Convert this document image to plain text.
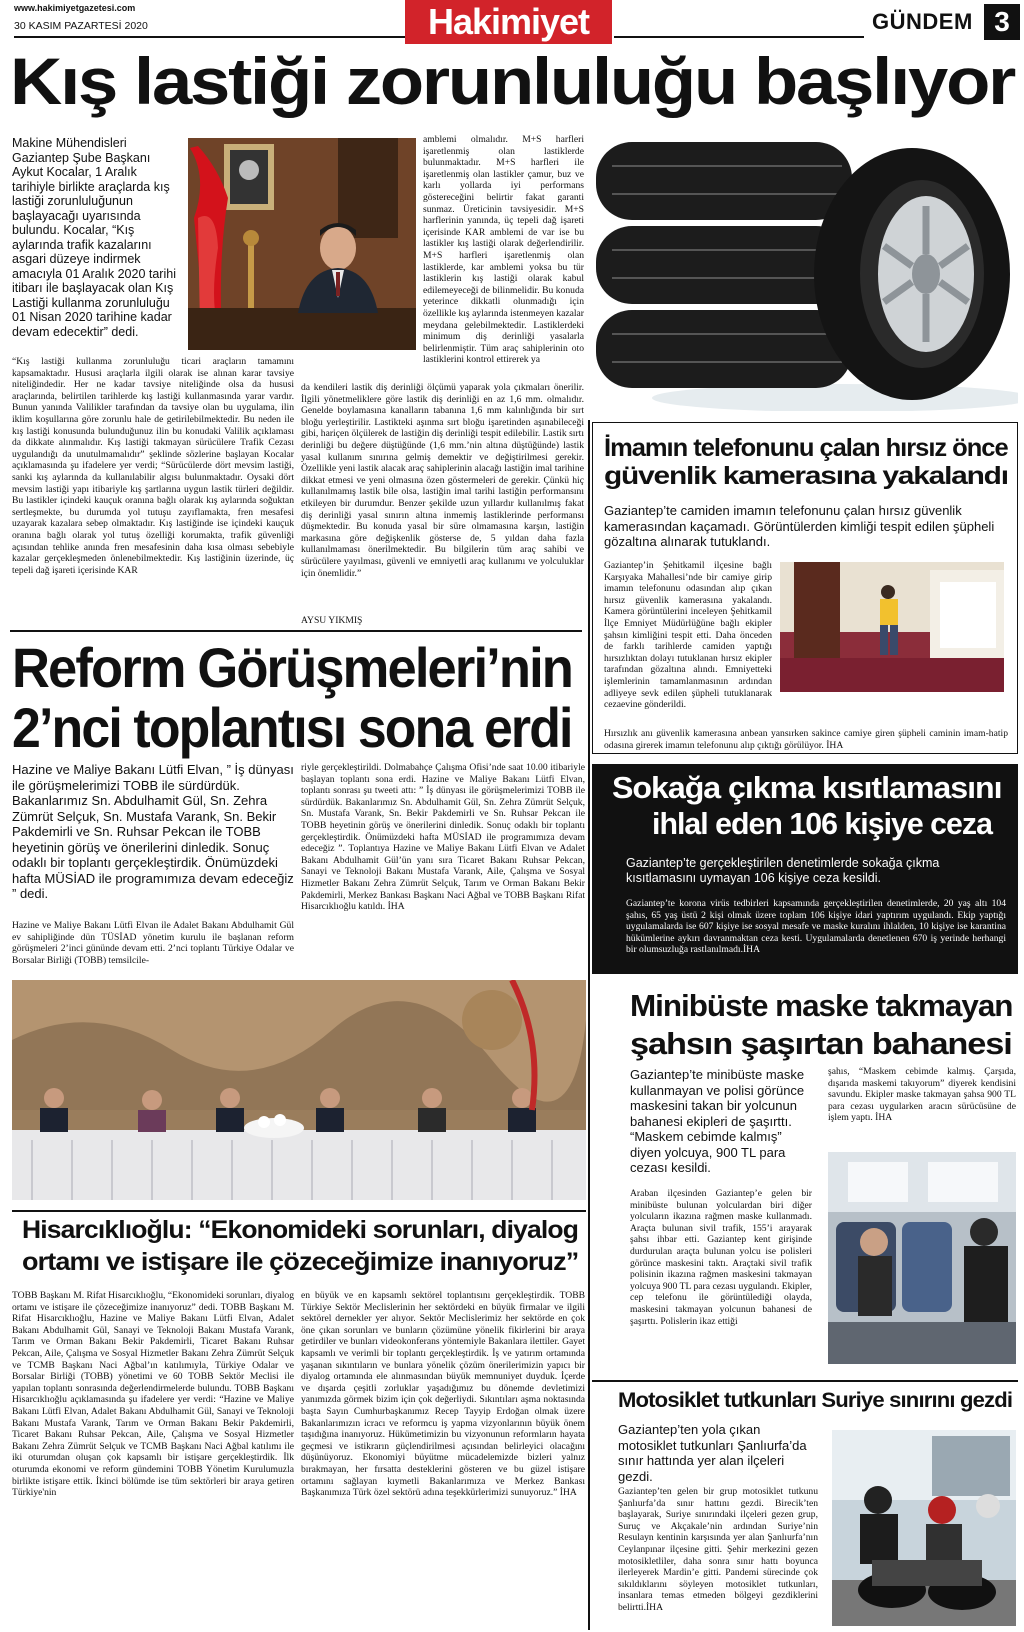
www.hakimiyetgazetesi.com
30 KASIM PAZARTESİ 2020	Hakimiyet	GÜNDEM 3
Kış lastiği zorunluluğu başlıyor
Makine Mühendisleri Gaziantep Şube Başkanı Aykut Kocalar, 1 Aralık tarihiyle birlikte araçlarda kış lastiği zorunluluğunun başlayacağı uyarısında bulundu. Kocalar, “Kış aylarında trafik kazalarını asgari düzeye indirmek amacıyla 01 Aralık 2020 tarihi itibarı ile başlayacak olan Kış Lastiği kullanma zorunluluğu 01 Nisan 2020 tarihine kadar devam edecektir” dedi.
“Kış lastiği kullanma zorunluluğu ticari araçların tamamını kapsamaktadır. Hususi araçlarla ilgili olarak ise alınan karar tavsiye niteliğindedir. Her ne kadar tavsiye niteliğinde olsa da hususi araçlarında, belirtilen tarihlerde kış lastiği kullanmasında yarar vardır. Bunun yanında Valilikler tarafından da tavsiye olan bu uygulama, ilin iklim koşullarına göre zorunlu hale de getirilebilmektedir. Bu neden ile kış lastiği konusunda bulunduğunuz ilin bu konudaki Valilik açıklaması da dikkate alınmalıdır. Kış lastiği takmayan sürücülere Trafik Cezası uygulandığı da unutulmamalıdır” şeklinde sözlerine başlayan Kocalar açıklamasında şu ifadelere yer verdi; “Sürücülerde dört mevsim lastiği, sanki kış aylarında da kullanılabilir algısı bulunmaktadır. Oysaki dört mevsim lastiği yapı itibariyle kış şartlarına uygun lastik türleri değildir. Bu lastikler içindeki kauçuk oranına bağlı olarak kış aylarında soğuktan sertleşmekte, bu durumda yol tutuşu zayıflamakta, fren mesafesi uzayarak kazalara sebep olmaktadır. Kış lastiğinde ise içindeki kauçuk oranına bağlı olarak yol tutuş özelliği korumakta, trafik güvenliği açısından tehlike anında fren mesafesinin daha kısa olması sebebiyle kazalar gerçekleşmeden önlenebilmektedir. Kış lastiğinin üzerinde, üç tepeli dağ işareti içerisinde KAR
amblemi olmalıdır. M+S harfleri işaretlenmiş olan lastiklerde bulunmaktadır. M+S harfleri ile işaretlenmiş olan lastikler çamur, buz ve karlı yollarda iyi performans göstereceğini belirtir fakat garanti sunmaz. Üreticinin tavsiyesidir. M+S harflerinin yanında, üç tepeli dağ işareti içerisinde KAR amblemi de var ise bu lastikler kış lastiği olarak değerlendirilir. M+S harfleri işaretlenmiş olan lastiklerde, kar amblemi yoksa bu tür lastiklerin kış lastiği olarak kabul edilemeyeceği de bilinmelidir. Bu konuda yeterince dikkatli olunmadığı için özellikle kış aylarında istenmeyen kazalar meydana gelebilmektedir. Lastiklerdeki minimum diş derinliği yasalarla belirlenmiştir. Tüm araç sahiplerinin oto lastiklerini kontrol ettirerek ya
da kendileri lastik diş derinliği ölçümü yaparak yola çıkmaları önerilir. İlgili yönetmeliklere göre lastik diş derinliği en az 1,6 mm. olmalıdır. Genelde boylamasına kanalların tabanına 1,6 mm kalınlığında bir sırt bloğu yerleştirilir. Lastikteki aşınma sırt bloğu işaretinden aşınabileceği gibi, hariçen ölçülerek de lastiğin diş derinliği tespit edilebilir. Lastik sırtı derinliği bu değere düştüğünde (1,6 mm.’nin altına düştüğünde) lastik yasal kullanım sınırına gelmiş demektir ve değiştirilmesi gerekir. Özellikle yeni lastik alacak araç sahiplerinin alacağı lastiğin imal tarihine dikkat etmesi ve yeni olmasına özen göstermeleri de gerekir. Çünkü hiç kullanılmamış lastik bile olsa, lastiğin imal tarihi lastiğin performansını etkileyen bir durumdur. Benzer şekilde uzun yıllardır kullanılmış fakat diş derinliği yasal sınırın altına inmemiş lastiklerinde performansı düşmektedir. Bu konuda yasal bir süre olmamasına karşın, lastiğin markasına göre değişkenlik gösterse de, 5 yıldan daha fazla kullanılmaması önerilmektedir. Bu bilgilerin tüm araç sahibi ve sürücülere yayılması, güvenli ve emniyetli araç kullanımı ve yolculuklar için önemlidir.”
AYSU YIKMIŞ
İmamın telefonunu çalan hırsız önce
güvenlik kamerasına yakalandı
Gaziantep’te camiden imamın telefonunu çalan hırsız güvenlik kamerasından kaçamadı. Görüntülerden kimliği tespit edilen şüpheli gözaltına alınarak tutuklandı.
Gaziantep’in Şehitkamil ilçesine bağlı Karşıyaka Mahallesi’nde bir camiye girip imamın telefonunu odasından alıp çıkan hırsız güvenlik kamerasına yakalandı. Kamera görüntülerini inceleyen Şehitkamil İlçe Emniyet Müdürlüğüne bağlı ekipler şahsın kimliğini tespit etti. Daha önceden de farklı tarihlerde camiden yaptığı hırsızlıktan dolayı tutuklanan hırsız ekipler tarafından gözaltına alındı. Emniyetteki işlemlerinin tamamlanmasının ardından adliyeye sevk edilen şüpheli tutuklanarak cezaevine gönderildi.
Hırsızlık anı güvenlik kamerasına anbean yansırken sakince camiye giren şüpheli caminin imam-hatip odasına girerek imamın telefonunu alıp çıktığı görülüyor. İHA
Sokağa çıkma kısıtlamasını
ihlal eden 106 kişiye ceza
Gaziantep’te gerçekleştirilen denetimlerde sokağa çıkma kısıtlamasını uymayan 106 kişiye ceza kesildi.
Gaziantep’te korona virüs tedbirleri kapsamında gerçekleştirilen denetimlerde, 20 yaş altı 104 şahıs, 65 yaş üstü 2 kişi olmak üzere toplam 106 kişiye idari yaptırım uygulandı. Ekip yaptığı uygulamalarda ise 607 kişiye ise sosyal mesafe ve maske kuralını ihlalden, 10 kişiye ise karantina hükümlerine aykırı davranmaktan ceza kesti. Uygulamalarda denetlenen 670 iş yerinde herhangi bir olumsuzluğa rastlanılmadı.İHA
Minibüste maske takmayan
şahsın şaşırtan bahanesi
Gaziantep’te minibüste maske kullanmayan ve polisi görünce maskesini takan bir yolcunun bahanesi ekipleri de şaşırttı. “Maskem cebimde kalmış” diyen yolcuya, 900 TL para cezası kesildi.
şahıs, “Maskem cebimde kalmış. Çarşıda, dışarıda maskemi takıyorum” diyerek kendisini savundu. Ekipler maske takmayan şahsa 900 TL para cezası uygularken aracın sürücüsüne de işlem yaptı. İHA
Araban ilçesinden Gaziantep’e gelen bir minibüste bulunan yolculardan biri diğer yolcuların ikazına rağmen maske kullanmadı. Araçta bulunan sivil trafik, 155’i arayarak şahsı ihbar etti. Gaziantep kent girişinde durdurulan araçta bulunan yolcu ise polisleri görünce maskesini taktı. Araçtaki sivil trafik polisinin ikazına rağmen maskesini takmayan yolcuya 900 TL para cezası uygulandı. Ekipler, cep telefonu ile görüntülediği olayda, maskesini takmayan yolcunun bahanesi de şaşırttı. Polislerin ikaz ettiği
Motosiklet tutkunları Suriye sınırını gezdi
Gaziantep’ten yola çıkan motosiklet tutkunları Şanlıurfa’da sınır hattında yer alan ilçeleri gezdi.
Gaziantep’ten gelen bir grup motosiklet tutkunu Şanlıurfa’da sınır hattını gezdi. Birecik’ten başlayarak, Suriye sınırındaki ilçeleri gezen grup, Suruç ve Akçakale’nin ardından Suriye’nin Resulayn kentinin karşısında yer alan Şanlıurfa’nın Ceylanpınar ilçesine gitti. Şehir merkezini gezen motosikletliler, daha sonra sınır hattı boyunca ilerleyerek Mardin’e gitti. Pandemi sürecinde çok sıkıldıklarını söyleyen motosiklet tutkunları, insanlara temas etmeden bölgeyi gezdiklerini belirtti.İHA
Reform Görüşmeleri’nin
2’nci toplantısı sona erdi
Hazine ve Maliye Bakanı Lütfi Elvan, ” İş dünyası ile görüşmelerimizi TOBB ile sürdürdük. Bakanlarımız Sn. Abdulhamit Gül, Sn. Zehra Zümrüt Selçuk, Sn. Mustafa Varank, Sn. Bekir Pakdemirli ve Sn. Ruhsar Pekcan ile TOBB heyetinin görüş ve önerilerini dinledik. Sonuç odaklı bir toplantı gerçekleştirdik. Önümüzdeki hafta MÜSİAD ile programımıza devam edeceğiz ” dedi.
Hazine ve Maliye Bakanı Lütfi Elvan ile Adalet Bakanı Abdulhamit Gül ev sahipliğinde dün TÜSİAD yönetim kurulu ile başlanan reform görüşmeleri 2’inci gününde devam etti. 2’nci toplantı Türkiye Odalar ve Borsalar Birliği (TOBB) temsilcile-
riyle gerçekleştirildi. Dolmabahçe Çalışma Ofisi’nde saat 10.00 itibariyle başlayan toplantı sona erdi. Hazine ve Maliye Bakanı Lütfi Elvan, toplantı sonrası şu tweeti attı: ” İş dünyası ile görüşmelerimizi TOBB ile sürdürdük. Bakanlarımız Sn. Abdulhamit Gül, Sn. Zehra Zümrüt Selçuk, Sn. Mustafa Varank, Sn. Bekir Pakdemirli ve Sn. Ruhsar Pekcan ile TOBB heyetinin görüş ve önerilerini dinledik. Sonuç odaklı bir toplantı gerçekleştirdik. Önümüzdeki hafta MÜSİAD ile programımıza devam edeceğiz ”. Toplantıya Hazine ve Maliye Bakanı Lütfi Elvan ve Adalet Bakanı Abdulhamit Gül’ün yanı sıra Ticaret Bakanı Ruhsar Pekcan, Sanayi ve Teknoloji Bakanı Mustafa Varank, Aile, Çalışma ve Sosyal Hizmetler Bakanı Zehra Zümrüt Selçuk, Tarım ve Orman Bakanı Bekir Pakdemirli, Merkez Bankası Başkanı Naci Ağbal ve TOBB Başkanı Rifat Hisarcıklıoğlu katıldı. İHA
Hisarcıklıoğlu: “Ekonomideki sorunları, diyalog
ortamı ve istişare ile çözeceğimize inanıyoruz”
TOBB Başkanı M. Rifat Hisarcıklıoğlu, “Ekonomideki sorunları, diyalog ortamı ve istişare ile çözeceğimize inanıyoruz” dedi. TOBB Başkanı M. Rifat Hisarcıklıoğlu, Hazine ve Maliye Bakanı Lütfi Elvan, Adalet Bakanı Abdulhamit Gül, Sanayi ve Teknoloji Bakanı Mustafa Varank, Tarım ve Orman Bakanı Bekir Pakdemirli, Ticaret Bakanı Ruhsar Pekcan, Aile, Çalışma ve Sosyal Hizmetler Bakanı Zehra Zümrüt Selçuk ve TCMB Başkanı Naci Ağbal’ın katılımıyla, Türkiye Odalar ve Borsalar Birliği (TOBB) yönetimi ve 60 TOBB Sektör Meclisi ile yapılan toplantı sonrasında değerlendirmelerde bulundu. TOBB Başkanı Hisarcıklıoğlu açıklamasında şu ifadelere yer verdi: “Hazine ve Maliye Bakanı Lütfi Elvan, Adalet Bakanı Abdulhamit Gül, Sanayi ve Teknoloji Bakanı Mustafa Varank, Tarım ve Orman Bakanı Bekir Pakdemirli, Ticaret Bakanı Ruhsar Pekcan, Aile, Çalışma ve Sosyal Hizmetler Bakanı Zehra Zümrüt Selçuk ve TCMB Başkanı Naci Ağbal katılımı ile iki oturumdan oluşan çok kapsamlı bir istişare gerçekleştirdik. İlk oturumda ekonomi ve reform gündemini TOBB Yönetim Kurulumuzla birlikte istişare ettik. İkinci bölümde ise tüm sektörleri bir araya getiren Türkiye'nin
en büyük ve en kapsamlı sektörel toplantısını gerçekleştirdik. TOBB Türkiye Sektör Meclislerinin her sektördeki en büyük firmalar ve ilgili sektörel dernekler yer alıyor. Sektör Meclislerimiz her sektörde en çok öne çıkan sorunları ve bunların çözümüne yönelik fikirlerini bir araya getirdiler ve bunları videokonferans yöntemiyle Bakanlara ilettiler. Gayet kapsamlı ve verimli bir toplantı gerçekleştirdik. İş ve yatırım ortamında yaşanan sıkıntıların ve bunlara yönelik çözüm önerilerimizin yapıcı bir diyalog ortamında ele alınmasından büyük memnuniyet duyduk. İçerde ve dışarda çeşitli zorluklar yaşadığımız bu dönemde devletimizi yanımızda görmek bizim için çok değerliydi. Sıkıntıları aşma noktasında başta Sayın Cumhurbaşkanımız Recep Tayyip Erdoğan olmak üzere Bakanlarımızın icracı ve reformcu iş yapma vizyonlarının büyük önem taşıdığına inanıyoruz. Hükümetimizin bu vizyonunun reformların hayata geçmesi ve istikrarın güçlendirilmesi açısından belirleyici olacağını düşünüyoruz. Ekonomiyi büyütme mücadelemizde bizleri yalnız bırakmayan, her fırsatta desteklerini gösteren ve bu güzel istişare ortamını sağlayan kıymetli Bakanlarımıza ve Merkez Bankası Başkanımıza Türk özel sektörü adına teşekkürlerimizi sunuyoruz.” İHA
